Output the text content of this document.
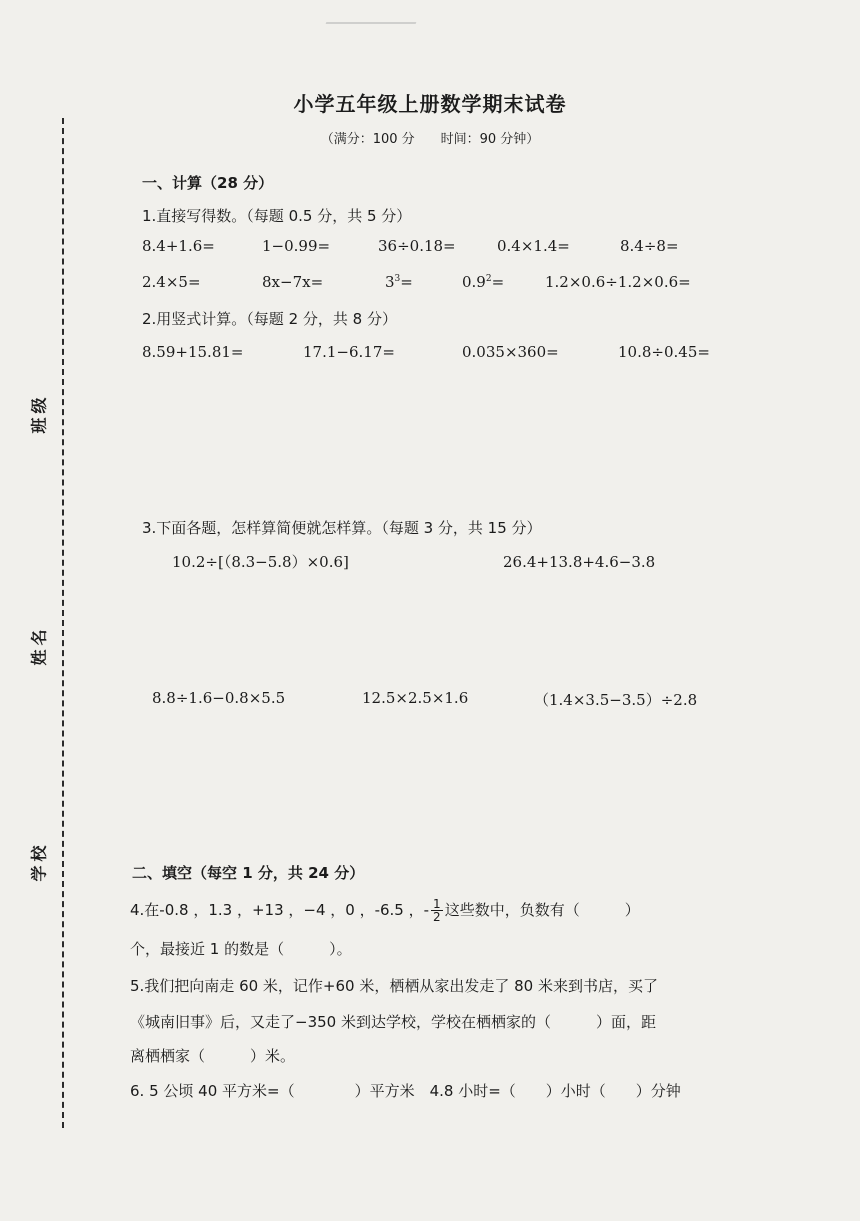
班级
姓名
学校
小学五年级上册数学期末试卷
（满分：100 分　　时间：90 分钟）
一、计算（28 分）
1.直接写得数。（每题 0.5 分，共 5 分）
8.4+1.6=	1−0.99=	36÷0.18=	0.4×1.4=	8.4÷8=
2.4×5=	8x−7x=	$3^3=$	$0.9^2=$	1.2×0.6÷1.2×0.6=
2.用竖式计算。（每题 2 分，共 8 分）
8.59+15.81=	17.1−6.17=	0.035×360=	10.8÷0.45=
3.下面各题，怎样算简便就怎样算。（每题 3 分，共 15 分）
10.2÷[（8.3−5.8）×0.6]	26.4+13.8+4.6−3.8
8.8÷1.6−0.8×5.5	12.5×2.5×1.6	（1.4×3.5−3.5）÷2.8
二、填空（每空 1 分，共 24 分）
4.在-0.8 ，1.3 ，+13 ，−4 ，0 ，-6.5 ，- $\frac{1}{2}$ 这些数中，负数有（　　　）
个，最接近 1 的数是（　　　）。
5.我们把向南走 60 米，记作+60 米，栖栖从家出发走了 80 米来到书店，买了
《城南旧事》后，又走了−350 米到达学校，学校在栖栖家的（　　　）面，距
离栖栖家（　　　）米。
6. 5 公顷 40 平方米=（　　　　）平方米　4.8 小时=（　　）小时（　　）分钟
